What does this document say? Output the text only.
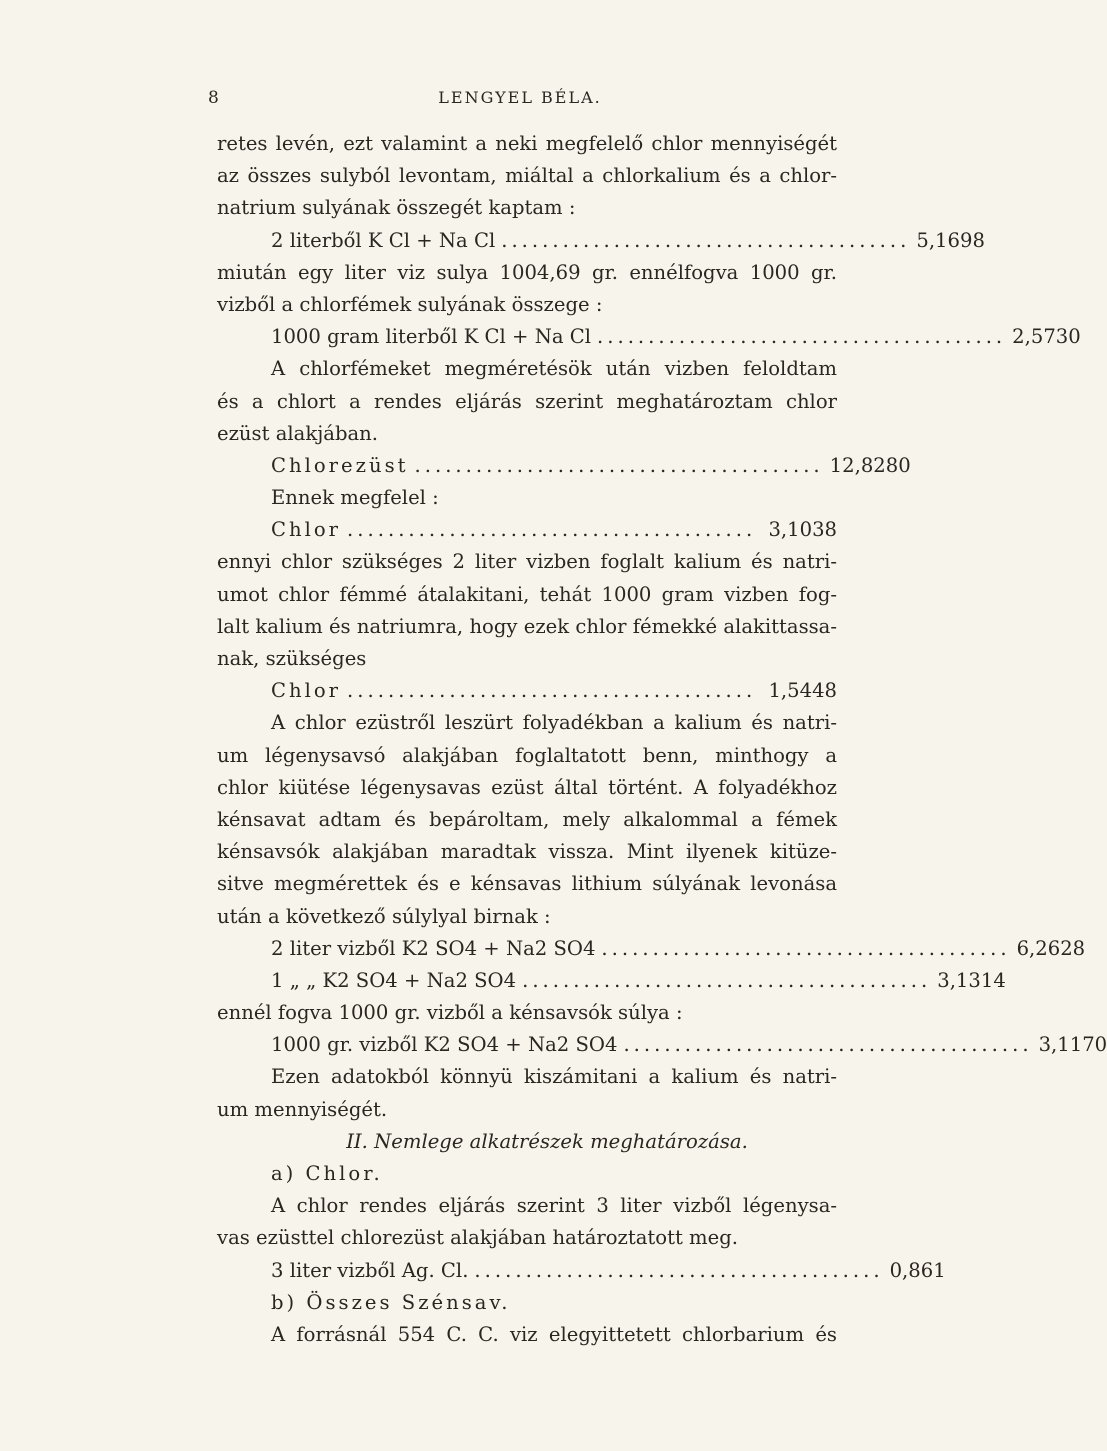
8	LENGYEL BÉLA.
retes levén, ezt valamint a neki megfelelő chlor mennyiségét
az összes sulyból levontam, miáltal a chlorkalium és a chlor-
natrium sulyának összegét kaptam :
2 literből K Cl + Na Cl ........................................ 5,1698
miután egy liter viz sulya 1004,69 gr. ennélfogva 1000 gr.
vizből a chlorfémek sulyának összege :
1000 gram literből K Cl + Na Cl ........................................ 2,5730
A chlorfémeket megméretésök után vizben feloldtam
és a chlort a rendes eljárás szerint meghatároztam chlor
ezüst alakjában.
Chlorezüst ........................................ 12,8280
Ennek megfelel :
Chlor ........................................ 3,1038
ennyi chlor szükséges 2 liter vizben foglalt kalium és natri-
umot chlor fémmé átalakitani, tehát 1000 gram vizben fog-
lalt kalium és natriumra, hogy ezek chlor fémekké alakittassa-
nak, szükséges
Chlor ........................................ 1,5448
A chlor ezüstről leszürt folyadékban a kalium és natri-
um légenysavsó alakjában foglaltatott benn, minthogy a
chlor kiütése légenysavas ezüst által történt. A folyadékhoz
kénsavat adtam és bepároltam, mely alkalommal a fémek
kénsavsók alakjában maradtak vissza. Mint ilyenek kitüze-
sitve megmérettek és e kénsavas lithium súlyának levonása
után a következő súlylyal birnak :
2 liter vizből K2 SO4 + Na2 SO4 ........................................ 6,2628
1 „ „ K2 SO4 + Na2 SO4 ........................................ 3,1314
ennél fogva 1000 gr. vizből a kénsavsók súlya :
1000 gr. vizből K2 SO4 + Na2 SO4 ........................................ 3,1170
Ezen adatokból könnyü kiszámitani a kalium és natri-
um mennyiségét.
II. Nemlege alkatrészek meghatározása.
a) Chlor.
A chlor rendes eljárás szerint 3 liter vizből légenysa-
vas ezüsttel chlorezüst alakjában határoztatott meg.
3 liter vizből Ag. Cl. ........................................ 0,861
b) Összes Szénsav.
A forrásnál 554 C. C. viz elegyittetett chlorbarium és
